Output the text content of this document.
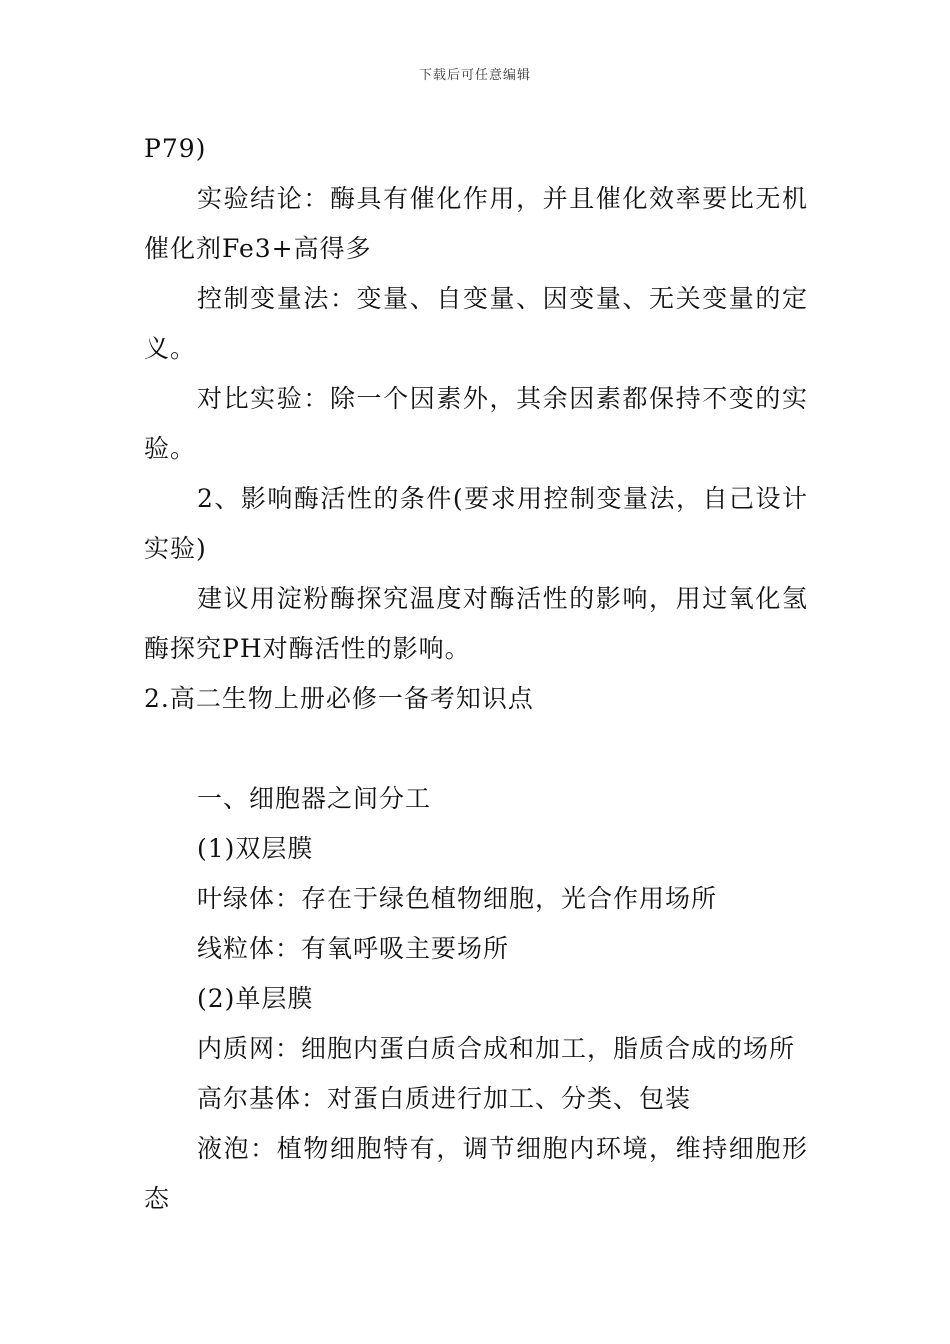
下载后可任意编辑

P79)

实验结论：酶具有催化作用，并且催化效率要比无机催化剂Fe3+高得多

控制变量法：变量、自变量、因变量、无关变量的定义。

对比实验：除一个因素外，其余因素都保持不变的实验。

2、影响酶活性的条件(要求用控制变量法，自己设计实验)

建议用淀粉酶探究温度对酶活性的影响，用过氧化氢酶探究PH对酶活性的影响。

2.高二生物上册必修一备考知识点

一、细胞器之间分工

(1)双层膜

叶绿体：存在于绿色植物细胞，光合作用场所

线粒体：有氧呼吸主要场所

(2)单层膜

内质网：细胞内蛋白质合成和加工，脂质合成的场所

高尔基体：对蛋白质进行加工、分类、包装

液泡：植物细胞特有，调节细胞内环境，维持细胞形态
